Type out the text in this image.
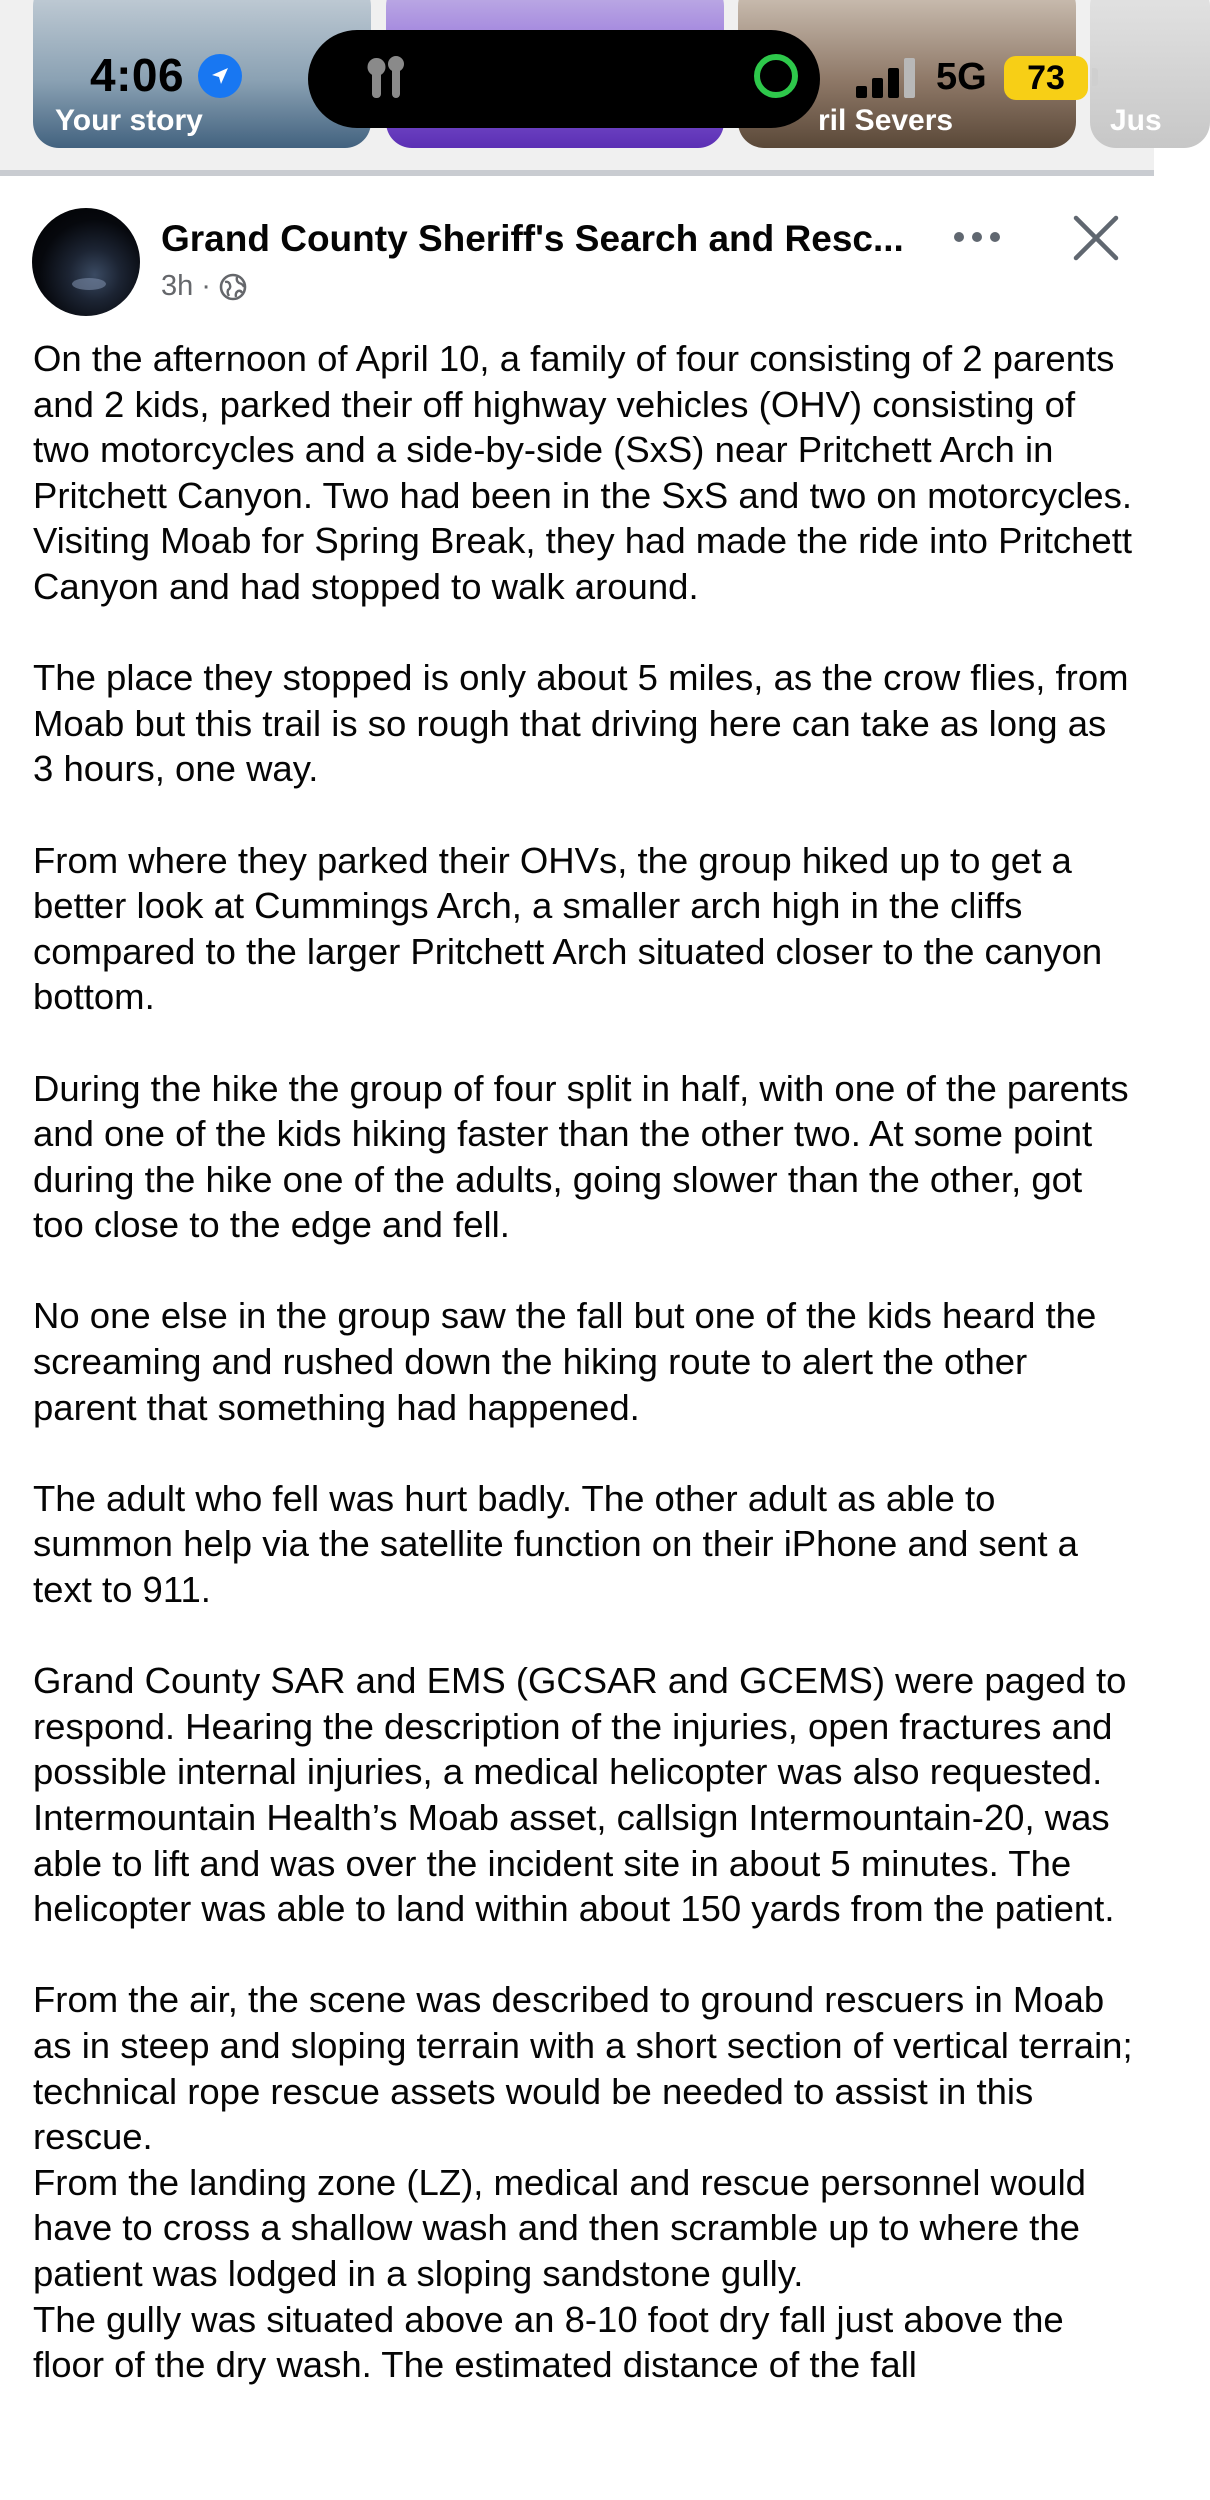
Your story	ril Severs	Jus
4:06	5G	73
Grand County Sheriff's Search and Resc...
3h ·

On the afternoon of April 10, a family of four consisting of 2 parents and 2 kids, parked their off highway vehicles (OHV) consisting of two motorcycles and a side-by-side (SxS) near Pritchett Arch in Pritchett Canyon. Two had been in the SxS and two on motorcycles.

Visiting Moab for Spring Break, they had made the ride into Pritchett Canyon and had stopped to walk around.

The place they stopped is only about 5 miles, as the crow flies, from Moab but this trail is so rough that driving here can take as long as 3 hours, one way.

From where they parked their OHVs, the group hiked up to get a better look at Cummings Arch, a smaller arch high in the cliffs compared to the larger Pritchett Arch situated closer to the canyon bottom.

During the hike the group of four split in half, with one of the parents and one of the kids hiking faster than the other two. At some point during the hike one of the adults, going slower than the other, got too close to the edge and fell.

No one else in the group saw the fall but one of the kids heard the screaming and rushed down the hiking route to alert the other parent that something had happened.

The adult who fell was hurt badly. The other adult as able to summon help via the satellite function on their iPhone and sent a text to 911.

Grand County SAR and EMS (GCSAR and GCEMS) were paged to respond. Hearing the description of the injuries, open fractures and possible internal injuries, a medical helicopter was also requested.

Intermountain Health’s Moab asset, callsign Intermountain-20, was able to lift and was over the incident site in about 5 minutes. The helicopter was able to land within about 150 yards from the patient.

From the air, the scene was described to ground rescuers in Moab as in steep and sloping terrain with a short section of vertical terrain; technical rope rescue assets would be needed to assist in this rescue.

From the landing zone (LZ), medical and rescue personnel would have to cross a shallow wash and then scramble up to where the patient was lodged in a sloping sandstone gully.

The gully was situated above an 8-10 foot dry fall just above the floor of the dry wash. The estimated distance of the fall
